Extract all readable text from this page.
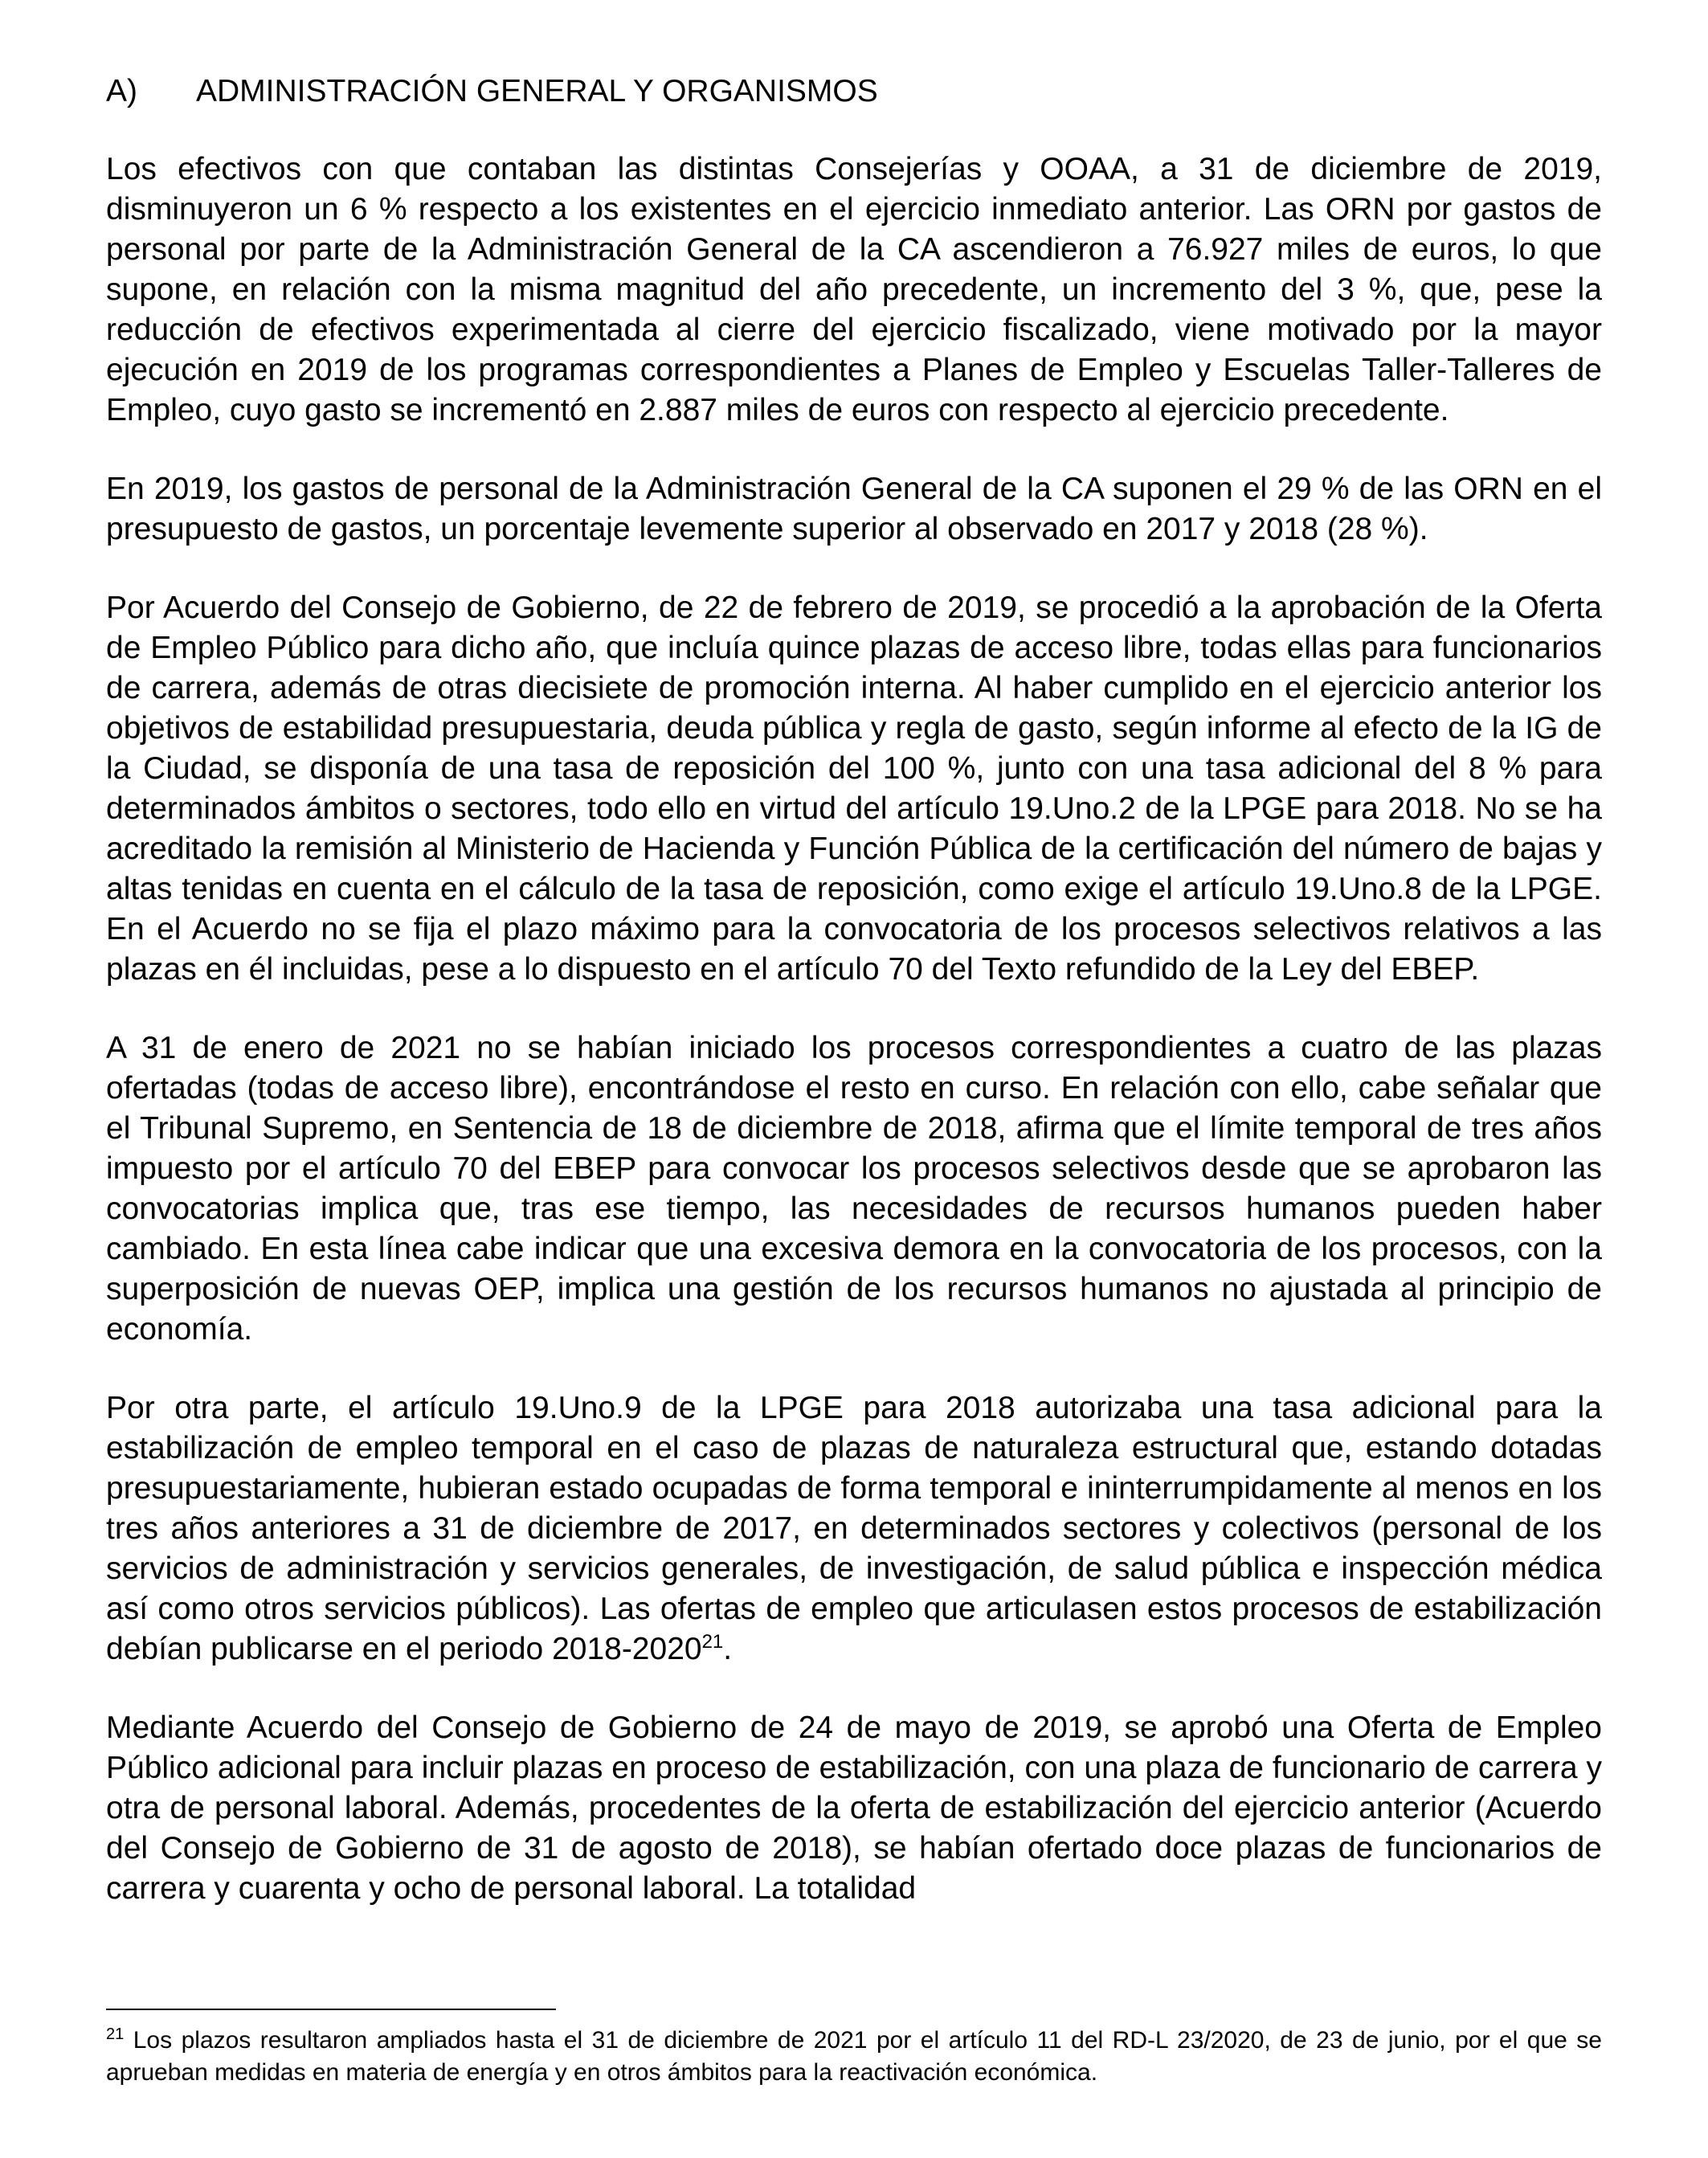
A) ADMINISTRACIÓN GENERAL Y ORGANISMOS

Los efectivos con que contaban las distintas Consejerías y OOAA, a 31 de diciembre de 2019, disminuyeron un 6 % respecto a los existentes en el ejercicio inmediato anterior. Las ORN por gastos de personal por parte de la Administración General de la CA ascendieron a 76.927 miles de euros, lo que supone, en relación con la misma magnitud del año precedente, un incremento del 3 %, que, pese la reducción de efectivos experimentada al cierre del ejercicio fiscalizado, viene motivado por la mayor ejecución en 2019 de los programas correspondientes a Planes de Empleo y Escuelas Taller-Talleres de Empleo, cuyo gasto se incrementó en 2.887 miles de euros con respecto al ejercicio precedente.

En 2019, los gastos de personal de la Administración General de la CA suponen el 29 % de las ORN en el presupuesto de gastos, un porcentaje levemente superior al observado en 2017 y 2018 (28 %).

Por Acuerdo del Consejo de Gobierno, de 22 de febrero de 2019, se procedió a la aprobación de la Oferta de Empleo Público para dicho año, que incluía quince plazas de acceso libre, todas ellas para funcionarios de carrera, además de otras diecisiete de promoción interna. Al haber cumplido en el ejercicio anterior los objetivos de estabilidad presupuestaria, deuda pública y regla de gasto, según informe al efecto de la IG de la Ciudad, se disponía de una tasa de reposición del 100 %, junto con una tasa adicional del 8 % para determinados ámbitos o sectores, todo ello en virtud del artículo 19.Uno.2 de la LPGE para 2018. No se ha acreditado la remisión al Ministerio de Hacienda y Función Pública de la certificación del número de bajas y altas tenidas en cuenta en el cálculo de la tasa de reposición, como exige el artículo 19.Uno.8 de la LPGE. En el Acuerdo no se fija el plazo máximo para la convocatoria de los procesos selectivos relativos a las plazas en él incluidas, pese a lo dispuesto en el artículo 70 del Texto refundido de la Ley del EBEP.

A 31 de enero de 2021 no se habían iniciado los procesos correspondientes a cuatro de las plazas ofertadas (todas de acceso libre), encontrándose el resto en curso. En relación con ello, cabe señalar que el Tribunal Supremo, en Sentencia de 18 de diciembre de 2018, afirma que el límite temporal de tres años impuesto por el artículo 70 del EBEP para convocar los procesos selectivos desde que se aprobaron las convocatorias implica que, tras ese tiempo, las necesidades de recursos humanos pueden haber cambiado. En esta línea cabe indicar que una excesiva demora en la convocatoria de los procesos, con la superposición de nuevas OEP, implica una gestión de los recursos humanos no ajustada al principio de economía.

Por otra parte, el artículo 19.Uno.9 de la LPGE para 2018 autorizaba una tasa adicional para la estabilización de empleo temporal en el caso de plazas de naturaleza estructural que, estando dotadas presupuestariamente, hubieran estado ocupadas de forma temporal e ininterrumpidamente al menos en los tres años anteriores a 31 de diciembre de 2017, en determinados sectores y colectivos (personal de los servicios de administración y servicios generales, de investigación, de salud pública e inspección médica así como otros servicios públicos). Las ofertas de empleo que articulasen estos procesos de estabilización debían publicarse en el periodo 2018-2020$^{21}$.

Mediante Acuerdo del Consejo de Gobierno de 24 de mayo de 2019, se aprobó una Oferta de Empleo Público adicional para incluir plazas en proceso de estabilización, con una plaza de funcionario de carrera y otra de personal laboral. Además, procedentes de la oferta de estabilización del ejercicio anterior (Acuerdo del Consejo de Gobierno de 31 de agosto de 2018), se habían ofertado doce plazas de funcionarios de carrera y cuarenta y ocho de personal laboral. La totalidad

$^{21}$ Los plazos resultaron ampliados hasta el 31 de diciembre de 2021 por el artículo 11 del RD-L 23/2020, de 23 de junio, por el que se aprueban medidas en materia de energía y en otros ámbitos para la reactivación económica.
